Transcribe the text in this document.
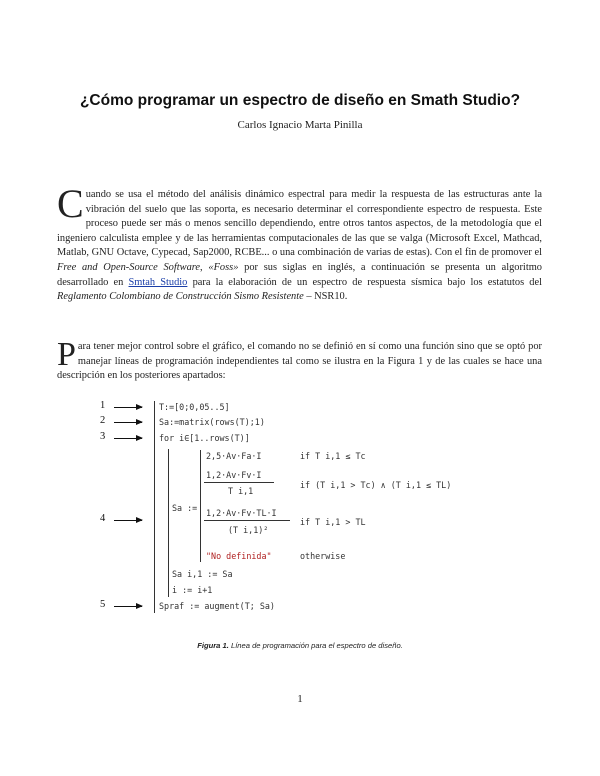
¿Cómo programar un espectro de diseño en Smath Studio?
Carlos Ignacio Marta Pinilla
Cuando se usa el método del análisis dinámico espectral para medir la respuesta de las estructuras ante la vibración del suelo que las soporta, es necesario determinar el correspondiente espectro de respuesta. Este proceso puede ser más o menos sencillo dependiendo, entre otros tantos aspectos, de la metodología que el ingeniero calculista emplee y de las herramientas computacionales de las que se valga (Microsoft Excel, Mathcad, Matlab, GNU Octave, Cypecad, Sap2000, RCBE... o una combinación de varias de estas). Con el fin de promover el Free and Open-Source Software, «Foss» por sus siglas en inglés, a continuación se presenta un algoritmo desarrollado en Smtah Studio para la elaboración de un espectro de respuesta sísmica bajo los estatutos del Reglamento Colombiano de Construcción Sismo Resistente – NSR10.
Para tener mejor control sobre el gráfico, el comando no se definió en sí como una función sino que se optó por manejar líneas de programación independientes tal como se ilustra en la Figura 1 y de las cuales se hace una descripción en los posteriores apartados:
1
2
3
4
5
T:=[0;0,05..5]
Sa:=matrix(rows(T);1)
for i∈[1..rows(T)]
Sa :=
2,5·Av·Fa·I	if T i,1 ≤ Tc
1,2·Av·Fv·I
T i,1
if (T i,1 > Tc) ∧ (T i,1 ≤ TL)
1,2·Av·Fv·TL·I
(T i,1)²
if T i,1 > TL
"No definida"	otherwise
Sa i,1 := Sa
i := i+1
Spraf := augment(T; Sa)
Figura 1. Línea de programación para el espectro de diseño.
1
